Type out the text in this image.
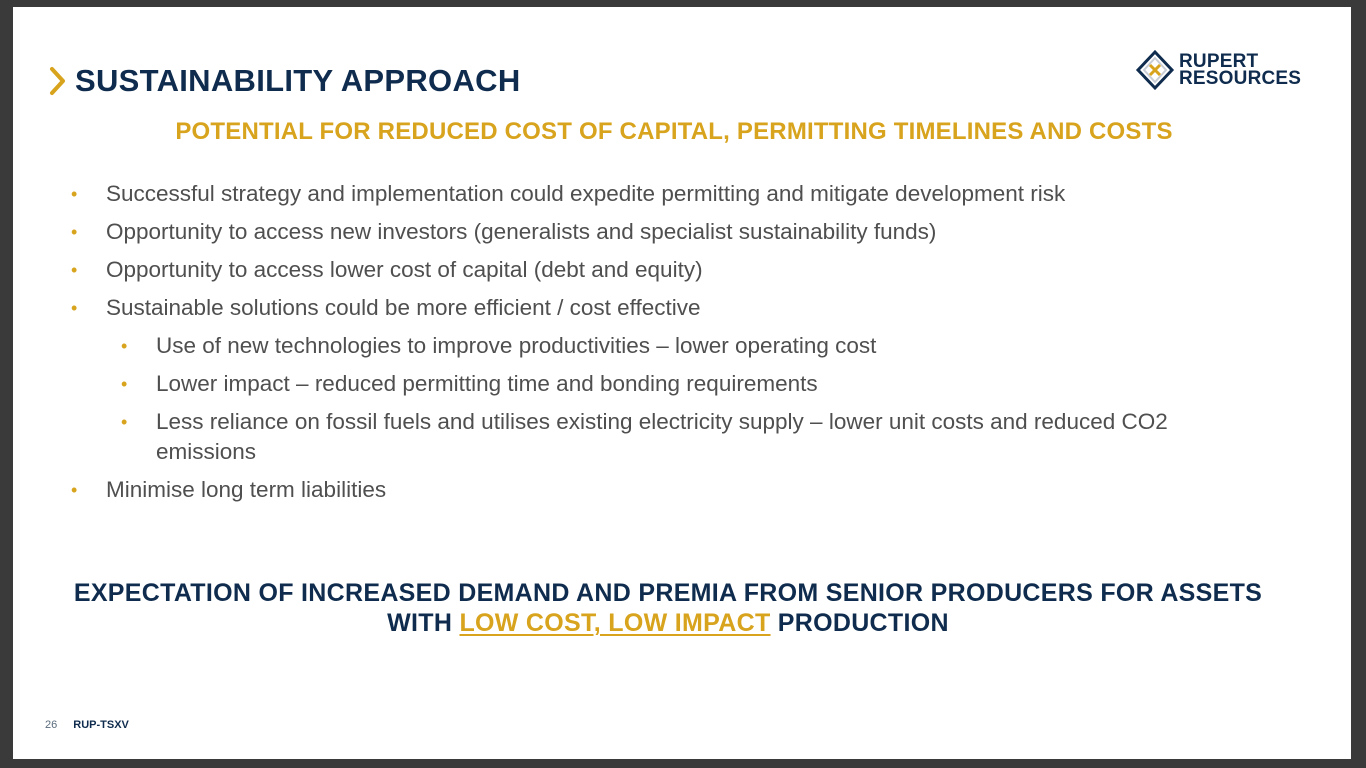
SUSTAINABILITY APPROACH
RUPERT
RESOURCES
POTENTIAL FOR REDUCED COST OF CAPITAL, PERMITTING TIMELINES AND COSTS
• Successful strategy and implementation could expedite permitting and mitigate development risk
• Opportunity to access new investors (generalists and specialist sustainability funds)
• Opportunity to access lower cost of capital (debt and equity)
• Sustainable solutions could be more efficient / cost effective
• Use of new technologies to improve productivities – lower operating cost
• Lower impact – reduced permitting time and bonding requirements
• Less reliance on fossil fuels and utilises existing electricity supply – lower unit costs and reduced CO2 emissions
• Minimise long term liabilities
EXPECTATION OF INCREASED DEMAND AND PREMIA FROM SENIOR PRODUCERS FOR ASSETS WITH LOW COST, LOW IMPACT PRODUCTION
26 RUP-TSXV
